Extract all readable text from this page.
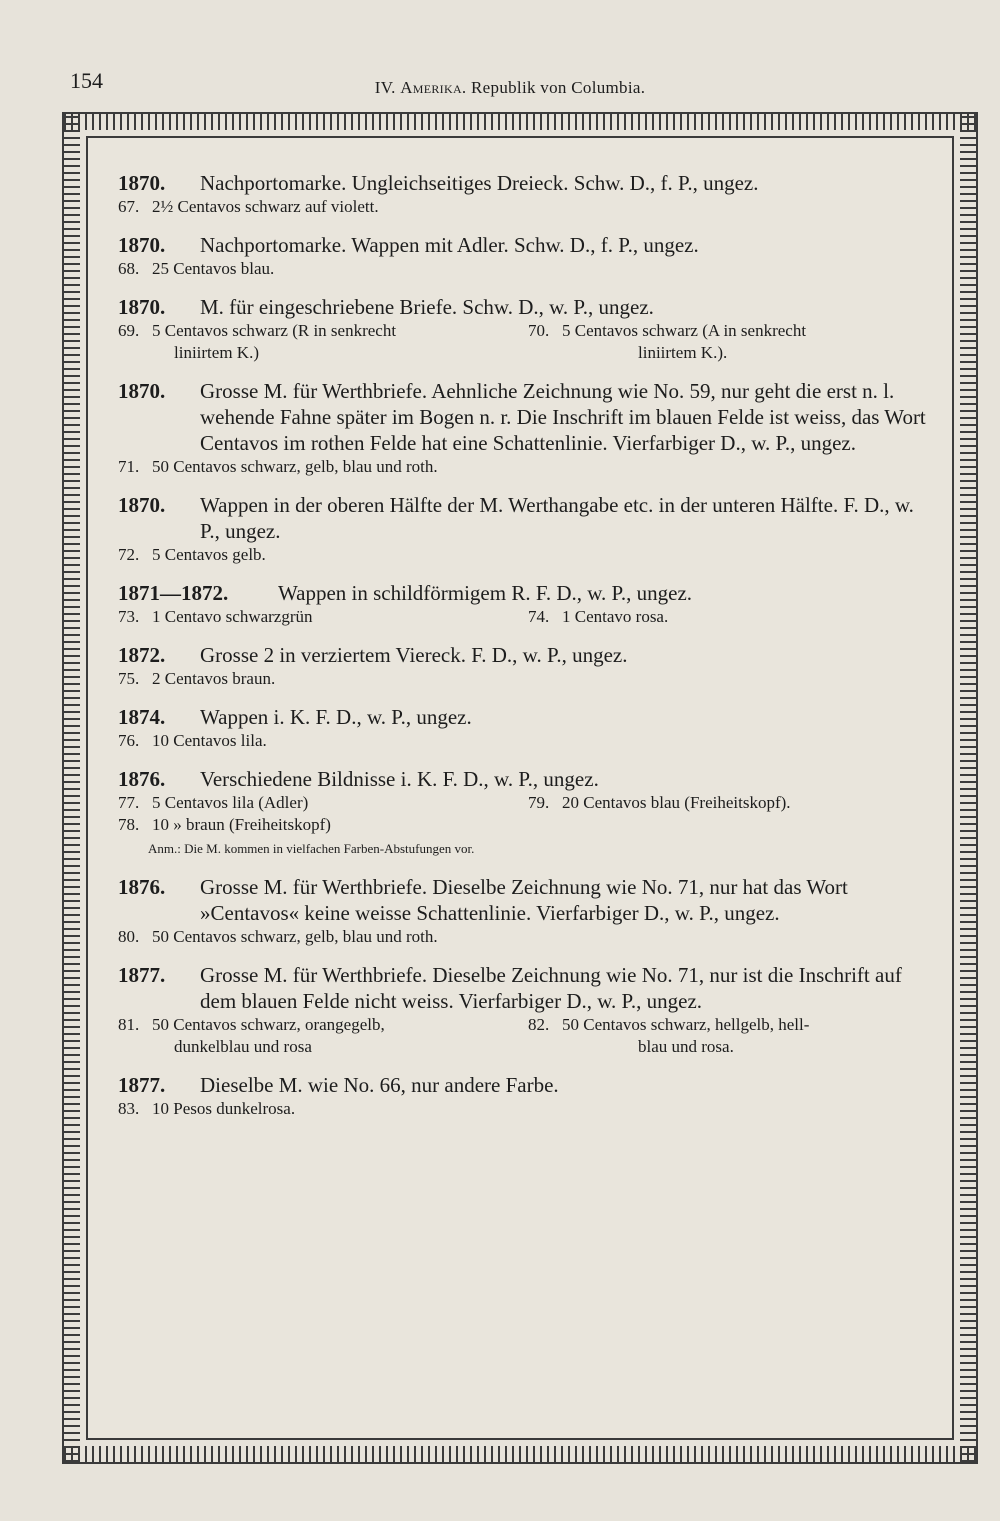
154	IV. Amerika. Republik von Columbia.
1870.	Nachportomarke. Ungleichseitiges Dreieck. Schw. D., f. P., ungez.
67. 2½ Centavos schwarz auf violett.
1870.	Nachportomarke. Wappen mit Adler. Schw. D., f. P., ungez.
68. 25 Centavos blau.
1870.	M. für eingeschriebene Briefe. Schw. D., w. P., ungez.
69. 5 Centavos schwarz (R in senkrecht
liniirtem K.)
70. 5 Centavos schwarz (A in senkrecht
liniirtem K.).
1870.	Grosse M. für Werthbriefe. Aehnliche Zeichnung wie No. 59, nur geht die erst n. l. wehende Fahne später im Bogen n. r. Die Inschrift im blauen Felde ist weiss, das Wort Centavos im rothen Felde hat eine Schattenlinie. Vierfarbiger D., w. P., ungez.
71. 50 Centavos schwarz, gelb, blau und roth.
1870.	Wappen in der oberen Hälfte der M. Werthangabe etc. in der unteren Hälfte. F. D., w. P., ungez.
72. 5 Centavos gelb.
1871—1872.	Wappen in schildförmigem R. F. D., w. P., ungez.
73. 1 Centavo schwarzgrün	74. 1 Centavo rosa.
1872.	Grosse 2 in verziertem Viereck. F. D., w. P., ungez.
75. 2 Centavos braun.
1874.	Wappen i. K. F. D., w. P., ungez.
76. 10 Centavos lila.
1876.	Verschiedene Bildnisse i. K. F. D., w. P., ungez.
77. 5 Centavos lila (Adler)
78. 10 » braun (Freiheitskopf)
79. 20 Centavos blau (Freiheitskopf).
Anm.: Die M. kommen in vielfachen Farben-Abstufungen vor.
1876.	Grosse M. für Werthbriefe. Dieselbe Zeichnung wie No. 71, nur hat das Wort »Centavos« keine weisse Schattenlinie. Vierfarbiger D., w. P., ungez.
80. 50 Centavos schwarz, gelb, blau und roth.
1877.	Grosse M. für Werthbriefe. Dieselbe Zeichnung wie No. 71, nur ist die Inschrift auf dem blauen Felde nicht weiss. Vierfarbiger D., w. P., ungez.
81. 50 Centavos schwarz, orangegelb,
dunkelblau und rosa
82. 50 Centavos schwarz, hellgelb, hell-
blau und rosa.
1877.	Dieselbe M. wie No. 66, nur andere Farbe.
83. 10 Pesos dunkelrosa.
